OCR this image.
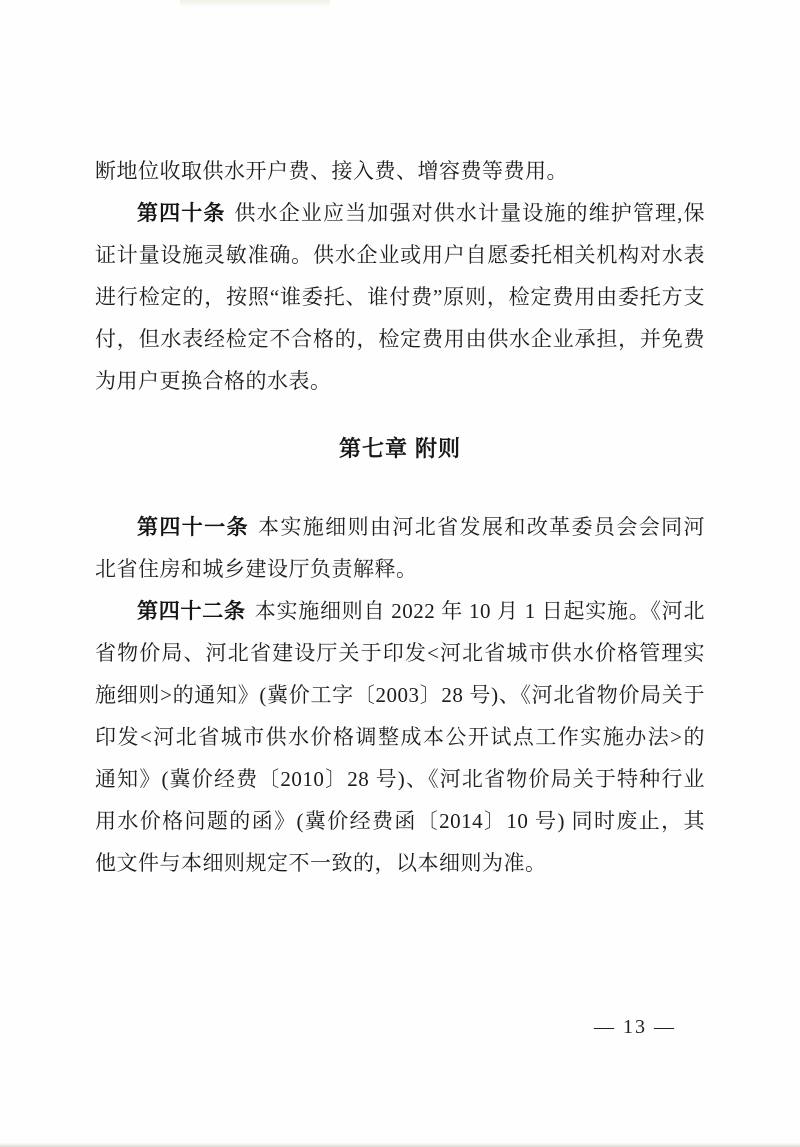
断地位收取供水开户费、接入费、增容费等费用。
第四十条 供水企业应当加强对供水计量设施的维护管理,保
证计量设施灵敏准确。供水企业或用户自愿委托相关机构对水表
进行检定的，按照“谁委托、谁付费”原则，检定费用由委托方支
付，但水表经检定不合格的，检定费用由供水企业承担，并免费
为用户更换合格的水表。
第七章 附则
第四十一条 本实施细则由河北省发展和改革委员会会同河
北省住房和城乡建设厅负责解释。
第四十二条 本实施细则自 2022 年 10 月 1 日起实施。《河北
省物价局、河北省建设厅关于印发<河北省城市供水价格管理实
施细则>的通知》(冀价工字〔2003〕28 号)、《河北省物价局关于
印发<河北省城市供水价格调整成本公开试点工作实施办法>的
通知》(冀价经费〔2010〕28 号)、《河北省物价局关于特种行业
用水价格问题的函》(冀价经费函〔2014〕10 号) 同时废止，其
他文件与本细则规定不一致的，以本细则为准。
— 13 —
